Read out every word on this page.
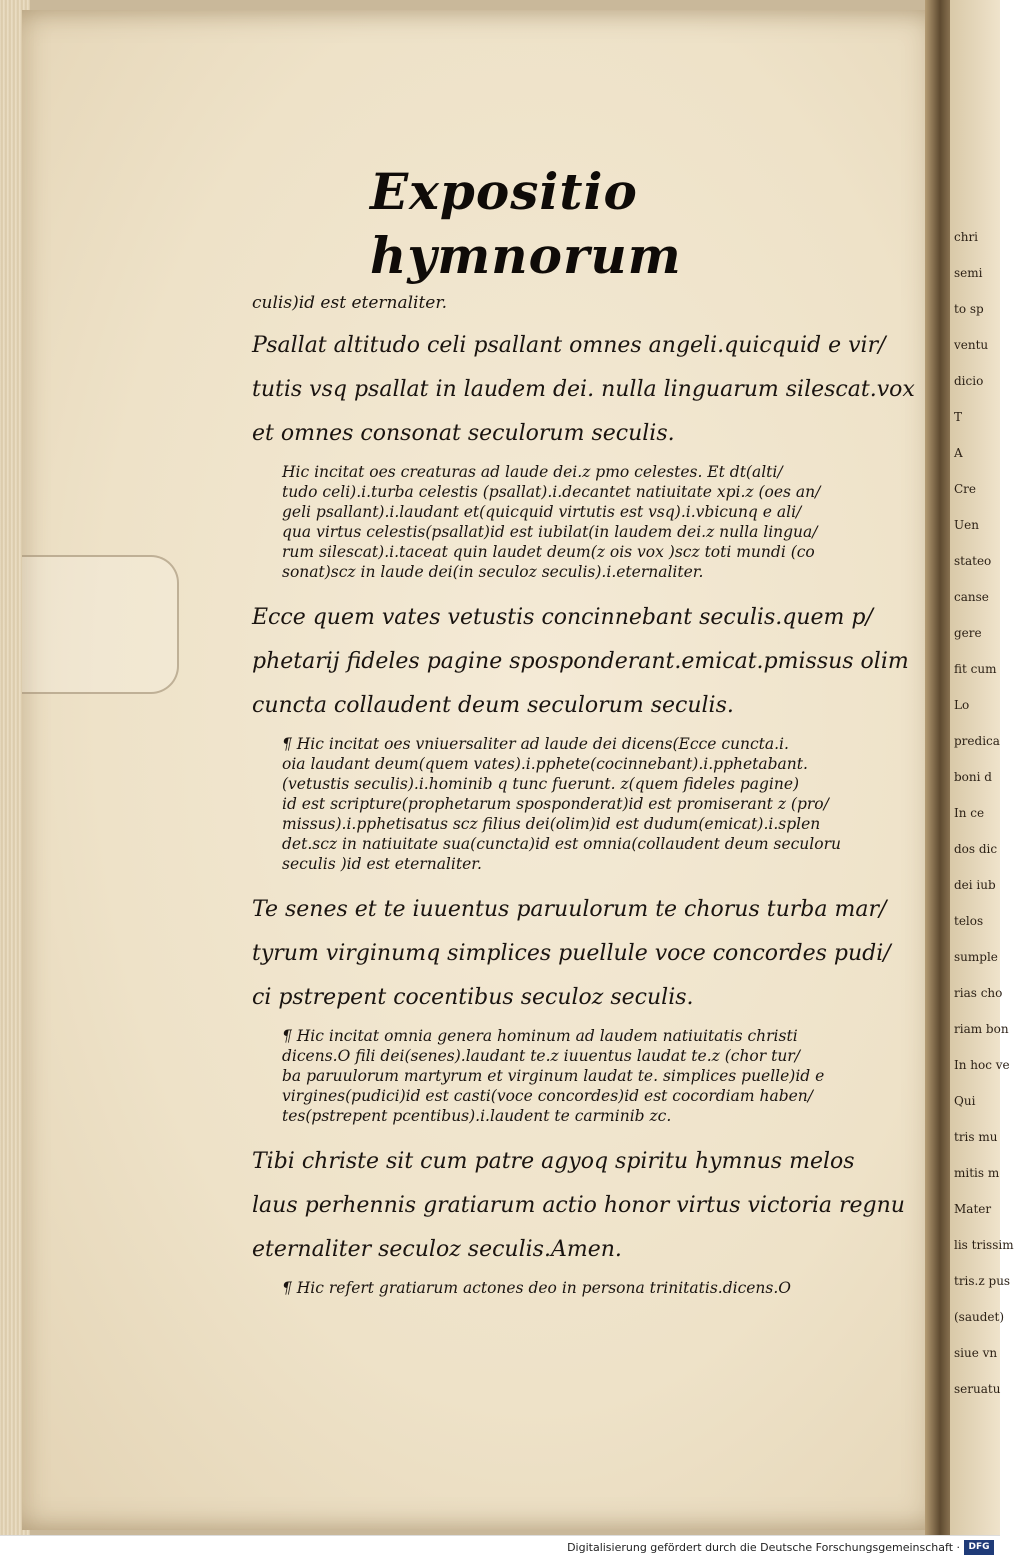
chri
semi
to sp
ventu
dicio
T
A
Cre
Uen
stateo
canse
gere
fit cum
Lo
predica
boni d
In ce
dos dic
dei iub
telos
sumple
rias cho
riam bon
In hoc ve
Qui
tris mu
mitis m
Mater
lis trissim
tris.z pus
(saudet)
siue vn
seruatu
Expositio hymnorum
culis)id est eternaliter.
Psallat altitudo celi psallant omnes angeli.quicquid e vir/
tutis vsq psallat in laudem dei. nulla linguarum silescat.vox
et omnes consonat seculorum seculis.
Hic incitat oes creaturas ad laude dei.z pmo celestes. Et dt(alti/
tudo celi).i.turba celestis (psallat).i.decantet natiuitate xpi.z (oes an/
geli psallant).i.laudant et(quicquid virtutis est vsq).i.vbicunq e ali/
qua virtus celestis(psallat)id est iubilat(in laudem dei.z nulla lingua/
rum silescat).i.taceat quin laudet deum(z ois vox )scz toti mundi (co
sonat)scz in laude dei(in seculoz seculis).i.eternaliter.
Ecce quem vates vetustis concinnebant seculis.quem p/
phetarij fideles pagine sposponderant.emicat.pmissus olim
cuncta collaudent deum seculorum seculis.
¶ Hic incitat oes vniuersaliter ad laude dei dicens(Ecce cuncta.i.
oia laudant deum(quem vates).i.pphete(cocinnebant).i.pphetabant.
(vetustis seculis).i.hominib q tunc fuerunt. z(quem fideles pagine)
id est scripture(prophetarum sposponderat)id est promiserant z (pro/
missus).i.pphetisatus scz filius dei(olim)id est dudum(emicat).i.splen
det.scz in natiuitate sua(cuncta)id est omnia(collaudent deum seculoru
seculis )id est eternaliter.
Te senes et te iuuentus paruulorum te chorus turba mar/
tyrum virginumq simplices puellule voce concordes pudi/
ci pstrepent cocentibus seculoz seculis.
¶ Hic incitat omnia genera hominum ad laudem natiuitatis christi
dicens.O fili dei(senes).laudant te.z iuuentus laudat te.z (chor tur/
ba paruulorum martyrum et virginum laudat te. simplices puelle)id e
virgines(pudici)id est casti(voce concordes)id est cocordiam haben/
tes(pstrepent pcentibus).i.laudent te carminib zc.
Tibi christe sit cum patre agyoq spiritu hymnus melos
laus perhennis gratiarum actio honor virtus victoria regnu
eternaliter seculoz seculis.Amen.
¶ Hic refert gratiarum actones deo in persona trinitatis.dicens.O
Digitalisierung gefördert durch die Deutsche Forschungsgemeinschaft · DFG
